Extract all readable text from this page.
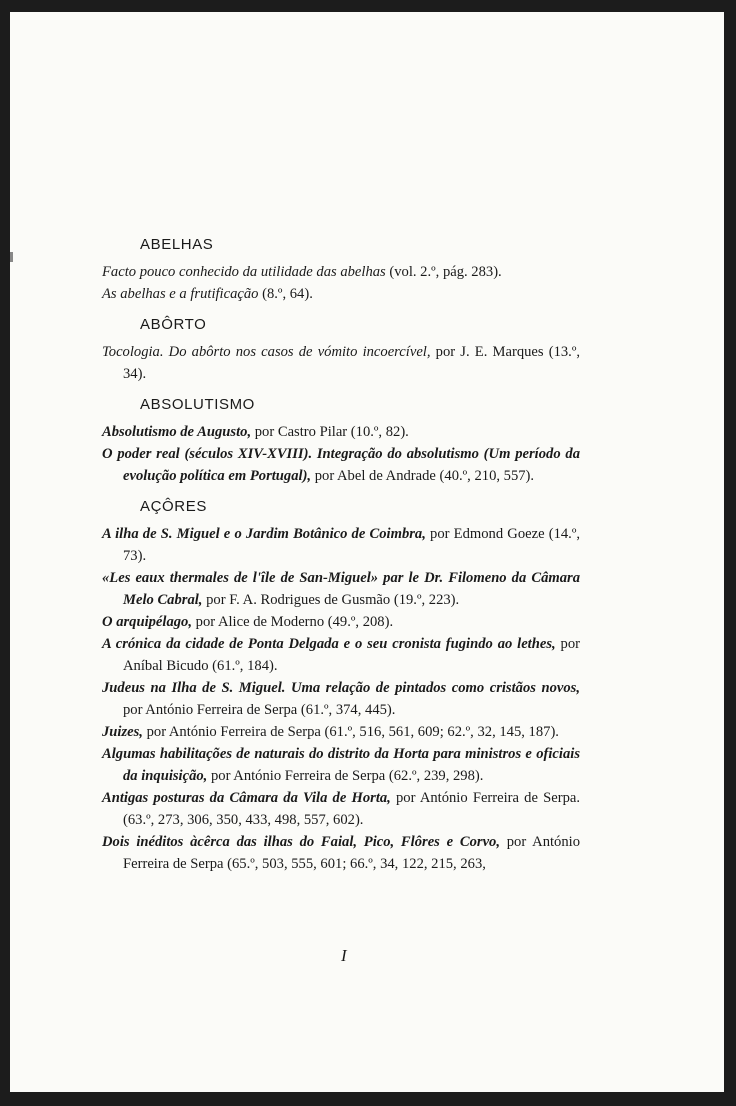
ABELHAS
Facto pouco conhecido da utilidade das abelhas (vol. 2.º, pág. 283).
As abelhas e a frutificação (8.º, 64).
ABÔRTO
Tocologia. Do abôrto nos casos de vómito incoercível, por J. E. Marques (13.º, 34).
ABSOLUTISMO
Absolutismo de Augusto, por Castro Pilar (10.º, 82).
O poder real (séculos XIV-XVIII). Integração do absolutismo (Um período da evolução política em Portugal), por Abel de Andrade (40.º, 210, 557).
AÇÔRES
A ilha de S. Miguel e o Jardim Botânico de Coimbra, por Edmond Goeze (14.º, 73).
«Les eaux thermales de l'île de San-Miguel» par le Dr. Filomeno da Câmara Melo Cabral, por F. A. Rodrigues de Gusmão (19.º, 223).
O arquipélago, por Alice de Moderno (49.º, 208).
A crónica da cidade de Ponta Delgada e o seu cronista fugindo ao lethes, por Aníbal Bicudo (61.º, 184).
Judeus na Ilha de S. Miguel. Uma relação de pintados como cristãos novos, por António Ferreira de Serpa (61.º, 374, 445).
Juizes, por António Ferreira de Serpa (61.º, 516, 561, 609; 62.º, 32, 145, 187).
Algumas habilitações de naturais do distrito da Horta para ministros e oficiais da inquisição, por António Ferreira de Serpa (62.º, 239, 298).
Antigas posturas da Câmara da Vila de Horta, por António Ferreira de Serpa. (63.º, 273, 306, 350, 433, 498, 557, 602).
Dois inéditos àcêrca das ilhas do Faial, Pico, Flôres e Corvo, por António Ferreira de Serpa (65.º, 503, 555, 601; 66.º, 34, 122, 215, 263,
I
